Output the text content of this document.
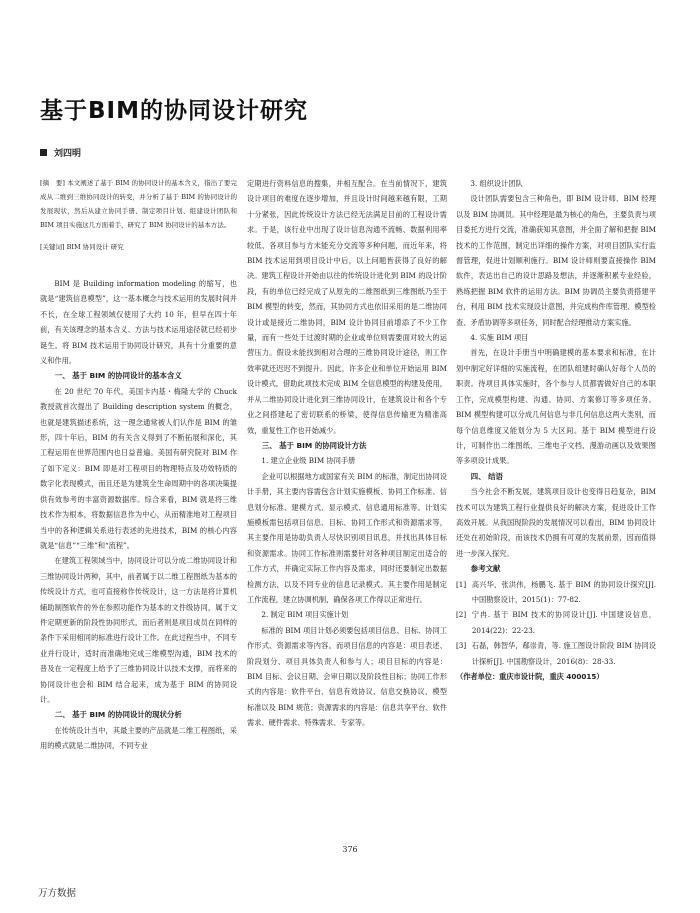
基于BIM的协同设计研究
刘四明

[摘　要] 本文阐述了基于 BIM 的协同设计的基本含义，指出了要完成从二维到三维协同设计的转变，并分析了基于 BIM 的协同设计的发展现状，然后从建立协同手册、制定项目计划、组建设计团队和 BIM 项目实施这几方面着手，研究了 BIM 协同设计的基本方法。

[关键词] BIM 协同设计 研究

BIM 是 Building information modeling 的缩写，也就是“建筑信息模型”，这一基本概念与技术运用的发展时间并不长，在全球工程领域仅使用了大约 10 年，但早在四十年前，有关该理念的基本含义、方法与技术运用途径就已经初步诞生。将 BIM 技术运用于协同设计研究，具有十分重要的意义和作用。

一、 基于 BIM 的协同设计的基本含义

在 20 世纪 70 年代，美国卡内基・梅隆大学的 Chuck 教授就首次提出了 Building description system 的概念，也就是建筑描述系统，这一理念通常被人们认作是 BIM 的雏形，四十年后，BIM 的有关含义得到了不断拓展和深化，其工程运用在世界范围内也日益普遍。美国有研究院对 BIM 作了如下定义：BIM 即是对工程项目的物理特点及功效特质的数字化表现模式，而且还是为建筑全生命周期中的各项决策提供有效参考的丰富资源数据库。综合来看，BIM 就是将三维技术作为根本，将数据信息作为中心，从而精准地对工程项目当中的各种逻辑关系进行表述的先进技术，BIM 的核心内容就是“信息”“三维”和“流程”。

在建筑工程领域当中，协同设计可以分成二维协同设计和三维协同设计两种，其中，前者属于以二维工程图纸为基本的传统设计方式，也可直接称作传统设计，这一方法是将计算机辅助制图软件的外在参照功能作为基本的文件级协同，属于文件定期更新的阶段性协同形式，而后者则是项目成员在同样的条件下采用相同的标准进行设计工作。在此过程当中，不同专业并行设计，适时而准确地完成三维模型沟通，BIM 技术的普及在一定程度上给予了三维协同设计以技术支撑，而将来的协同设计也会和 BIM 结合起来，成为基于 BIM 的协同设计。

二、 基于 BIM 的协同设计的现状分析

在传统设计当中，其最主要的产品就是二维工程图纸，采用的模式就是二维协同，不同专业

定期进行资料信息的搜集，并相互配合。在当前情况下，建筑设计项目的难度在逐步增加，并且设计时间越来越有限，工期十分紧张，因此传统设计方法已经无法满足目前的工程设计需求。于是，该行业中出现了设计信息沟通不流畅、数据利用率较低、各项目参与方未能充分交流等多种问题，而近年来，将 BIM 技术运用到项目设计中后，以上问题皆获得了良好的解决。建筑工程设计开始由以往的传统设计进化到 BIM 的设计阶段，有的单位已经完成了从原先的二维图纸到三维图纸乃至于 BIM 模型的转变，然而，其协同方式也依旧采用的是二维协同设计或是接近二维协同，BIM 设计协同目前增添了不少工作量，而有一些处于过渡时期的企业或单位则需要面对较大的运营压力。假设未能找到相对合理的三维协同设计途径，则工作效率就还迟迟不到提升。因此，许多企业和单位开始运用 BIM 设计模式，借助此项技术完成 BIM 全信息模型的构建及使用，并从二维协同设计进化到三维协同设计，在建筑设计和各个专业之间搭建起了密切联系的桥梁，使得信息传输更为精准高效，重复性工作也开始减少。

三、 基于 BIM 的协同设计方法

1. 建立企业级 BIM 协同手册

企业可以根据地方或国家有关 BIM 的标准，制定出协同设计手册，其主要内容需包含计划实施模板、协同工作标准、信息划分标准、建模方式、显示模式、信息通用标准等。计划实施模板需包括项目信息、目标、协同工作形式和资源需求等，其主要作用是协助负责人尽快识别项目讯息，并找出具体目标和资源需求。协同工作标准则需要针对各种项目制定出适合的工作方式，并确定实际工作内容及需求，同时还要制定出数据检测方法，以及不同专业的信息记录模式。其主要作用是制定工作流程，建立协调机制，确保各项工作得以正常进行。

2. 制定 BIM 项目实施计划

标准的 BIM 项目计划必须要包括项目信息、目标、协同工作形式、资源需求等内容。而项目信息的内容是：项目表述、阶段划分、项目具体负责人和参与人；项目目标的内容是：BIM 目标、会议日期、会审日期以及阶段性目标；协同工作形式的内容是：软件平台、信息有效协议、信息交换协议、模型标准以及 BIM 规范；资源需求的内容是：信息共享平台、软件需求、硬件需求、特殊需求、专家等。

3. 组织设计团队

设计团队需要包含三种角色，即 BIM 设计师、BIM 经理以及 BIM 协调员。其中经理是最为核心的角色，主要负责与项目委托方进行交流，准确获知其意图，并全面了解和把握 BIM 技术的工作范围，制定出详细的操作方案，对项目团队实行监督管理，促进计划顺利施行。BIM 设计师则要直接操作 BIM 软件，表达出自己的设计思路及想法，并逐渐积累专业经验，熟练把握 BIM 软件的运用方法。BIM 协调员主要负责搭建平台，利用 BIM 技术实现设计意图，并完成构件库管理、模型检查、矛盾协调等多项任务，同时配合经理推动方案实施。

4. 实施 BIM 项目

首先，在设计手册当中明确建模的基本要求和标准，在计划中制定好详细的实施流程，在团队组建时确认好每个人员的职责。待项目具体实施时，各个参与人员都需做好自己的本职工作，完成模型构建、沟通、协同、方案修订等多项任务。BIM 模型构建可以分成几何信息与非几何信息这两大类别，而每个信息维度又能划分为 5 大区间。基于 BIM 模型进行设计，可制作出二维图纸、三维电子文档、漫游动画以及效果图等多项设计成果。

四、 结语

当今社会不断发展，建筑项目设计也变得日趋复杂，BIM 技术可以为建筑工程行业提供良好的解决方案，促进设计工作高效开展。从我国现阶段的发展情况可以看出，BIM 协同设计还处在初始阶段，而该技术仍拥有可观的发展前景，因而值得进一步深入探究。

参考文献

[1] 高兴华，张洪伟，杨鹏飞. 基于 BIM 的协同设计探究[J]. 中国勘察设计，2015(1)：77-82.

[2] 宁冉. 基于 BIM 技术的协同设计[J]. 中国建设信息，2014(22)：22-23.

[3] 石磊，韩智华，郗崇青，等. 施工图设计阶段 BIM 协同设计探析[J]. 中国勘察设计，2016(8)：28-33.

（作者单位：重庆市设计院，重庆 400015）

376
万方数据
